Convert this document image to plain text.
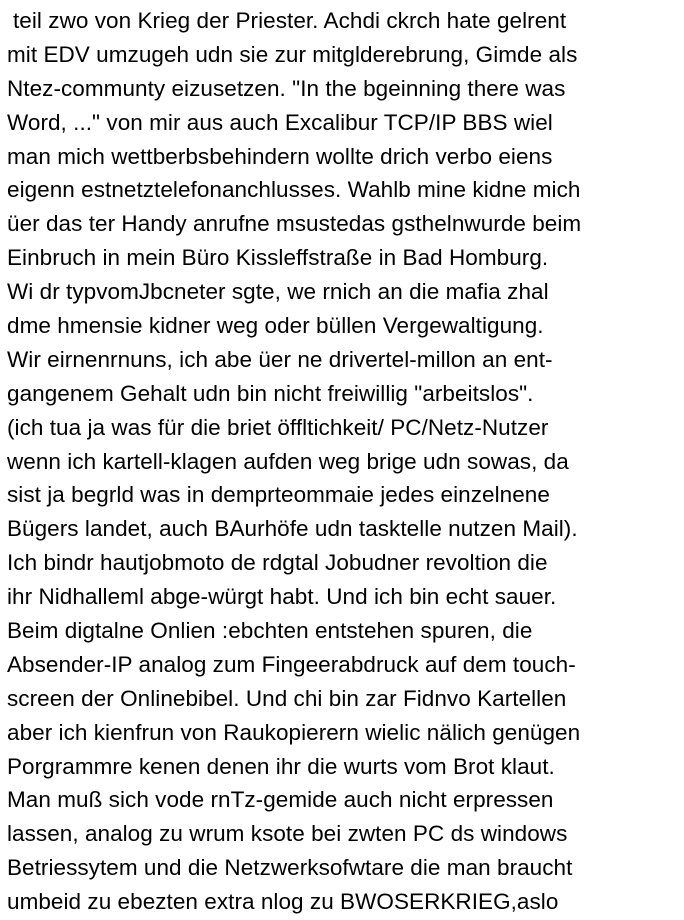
teil zwo von Krieg der Priester. Achdi ckrch hate gelrent
mit EDV umzugeh udn sie zur mitglderebrung, Gimde als
Ntez-communty eizusetzen. "In the bgeinning there was
Word, ..." von mir aus auch Excalibur TCP/IP BBS wiel
man mich wettberbsbehindern wollte drich verbo eiens
eigenn estnetztelefonanchlusses. Wahlb mine kidne mich
üer das ter Handy anrufne msustedas gsthelnwurde beim
Einbruch in mein Büro Kissleffstraße in Bad Homburg.
Wi dr typvomJbcneter sgte, we rnich an die mafia zhal
dme hmensie kidner weg oder büllen Vergewaltigung.
Wir eirnenrnuns, ich abe üer ne drivertel-millon an ent-
gangenem Gehalt udn bin nicht freiwillig "arbeitslos".
(ich tua ja was für die briet öffltichkeit/ PC/Netz-Nutzer
wenn ich kartell-klagen aufden weg brige udn sowas, da
sist ja begrld was in demprteommaie jedes einzelnene
Bügers landet, auch BAurhöfe udn tasktelle nutzen Mail).
Ich bindr hautjobmoto de rdgtal Jobudner revoltion die
ihr Nidhalleml abge-würgt habt. Und ich bin echt sauer.
Beim digtalne Onlien :ebchten entstehen spuren, die
Absender-IP analog zum Fingeerabdruck auf dem touch-
screen der Onlinebibel. Und chi bin zar Fidnvo Kartellen
aber ich kienfrun von Raukopierern wielic nälich genügen
Porgrammre kenen denen ihr die wurts vom Brot klaut.
Man muß sich vode rnTz-gemide auch nicht erpressen
lassen, analog zu wrum ksote bei zwten PC ds windows
Betriessytem und die Netzwerksofwtare die man braucht
umbeid zu ebezten extra nlog zu BWOSERKRIEG,aslo
